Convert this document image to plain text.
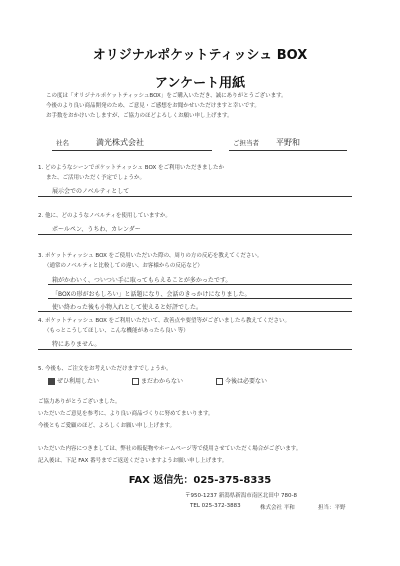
オリジナルポケットティッシュ BOX
アンケート用紙
この度は「オリジナルポケットティッシュBOX」をご購入いただき、誠にありがとうございます。
今後のより良い商品開発のため、ご意見・ご感想をお聞かせいただけますと幸いです。
お手数をおかけいたしますが、ご協力のほどよろしくお願い申し上げます。
社名	満光株式会社	ご担当者 平野和
1. どのようなシーンでポケットティッシュ BOX をご利用いただきましたか
また、ご活用いただく予定でしょうか。
展示会でのノベルティとして
2. 他に、どのようなノベルティを使用していますか。
ボールペン、うちわ、カレンダー
3. ポケットティッシュ BOX をご使用いただいた際の、周りの方の反応を教えてください。
（通常のノベルティと比較しての違い、お客様からの反応など）
箱がかわいく、ついつい手に取ってもらえることが多かったです。
「BOXの形がおもしろい」と話題になり、会話のきっかけになりました。
使い終わった後も小物入れとして使えると好評でした。
4. ポケットティッシュ BOX をご利用いただいて、改善点や要望等がございましたら教えてください。
（もっとこうしてほしい、こんな機能があったら良い 等）
特にありません。
5. 今後も、ご注文をお考えいただけますでしょうか。
ぜひ利用したい	まだわからない	今後は必要ない
ご協力ありがとうございました。
いただいたご意見を参考に、より良い商品づくりに努めてまいります。
今後ともご愛顧のほど、よろしくお願い申し上げます。
いただいた内容につきましては、弊社の販促物やホームページ等で使用させていただく場合がございます。
記入後は、下記 FAX 番号までご返送くださいますようお願い申し上げます。
FAX 返信先：025-375-8335
〒950-1237 新潟県新潟市南区北田中 780-8
TEL 025-372-3883	株式会社 平和	担当：平野
